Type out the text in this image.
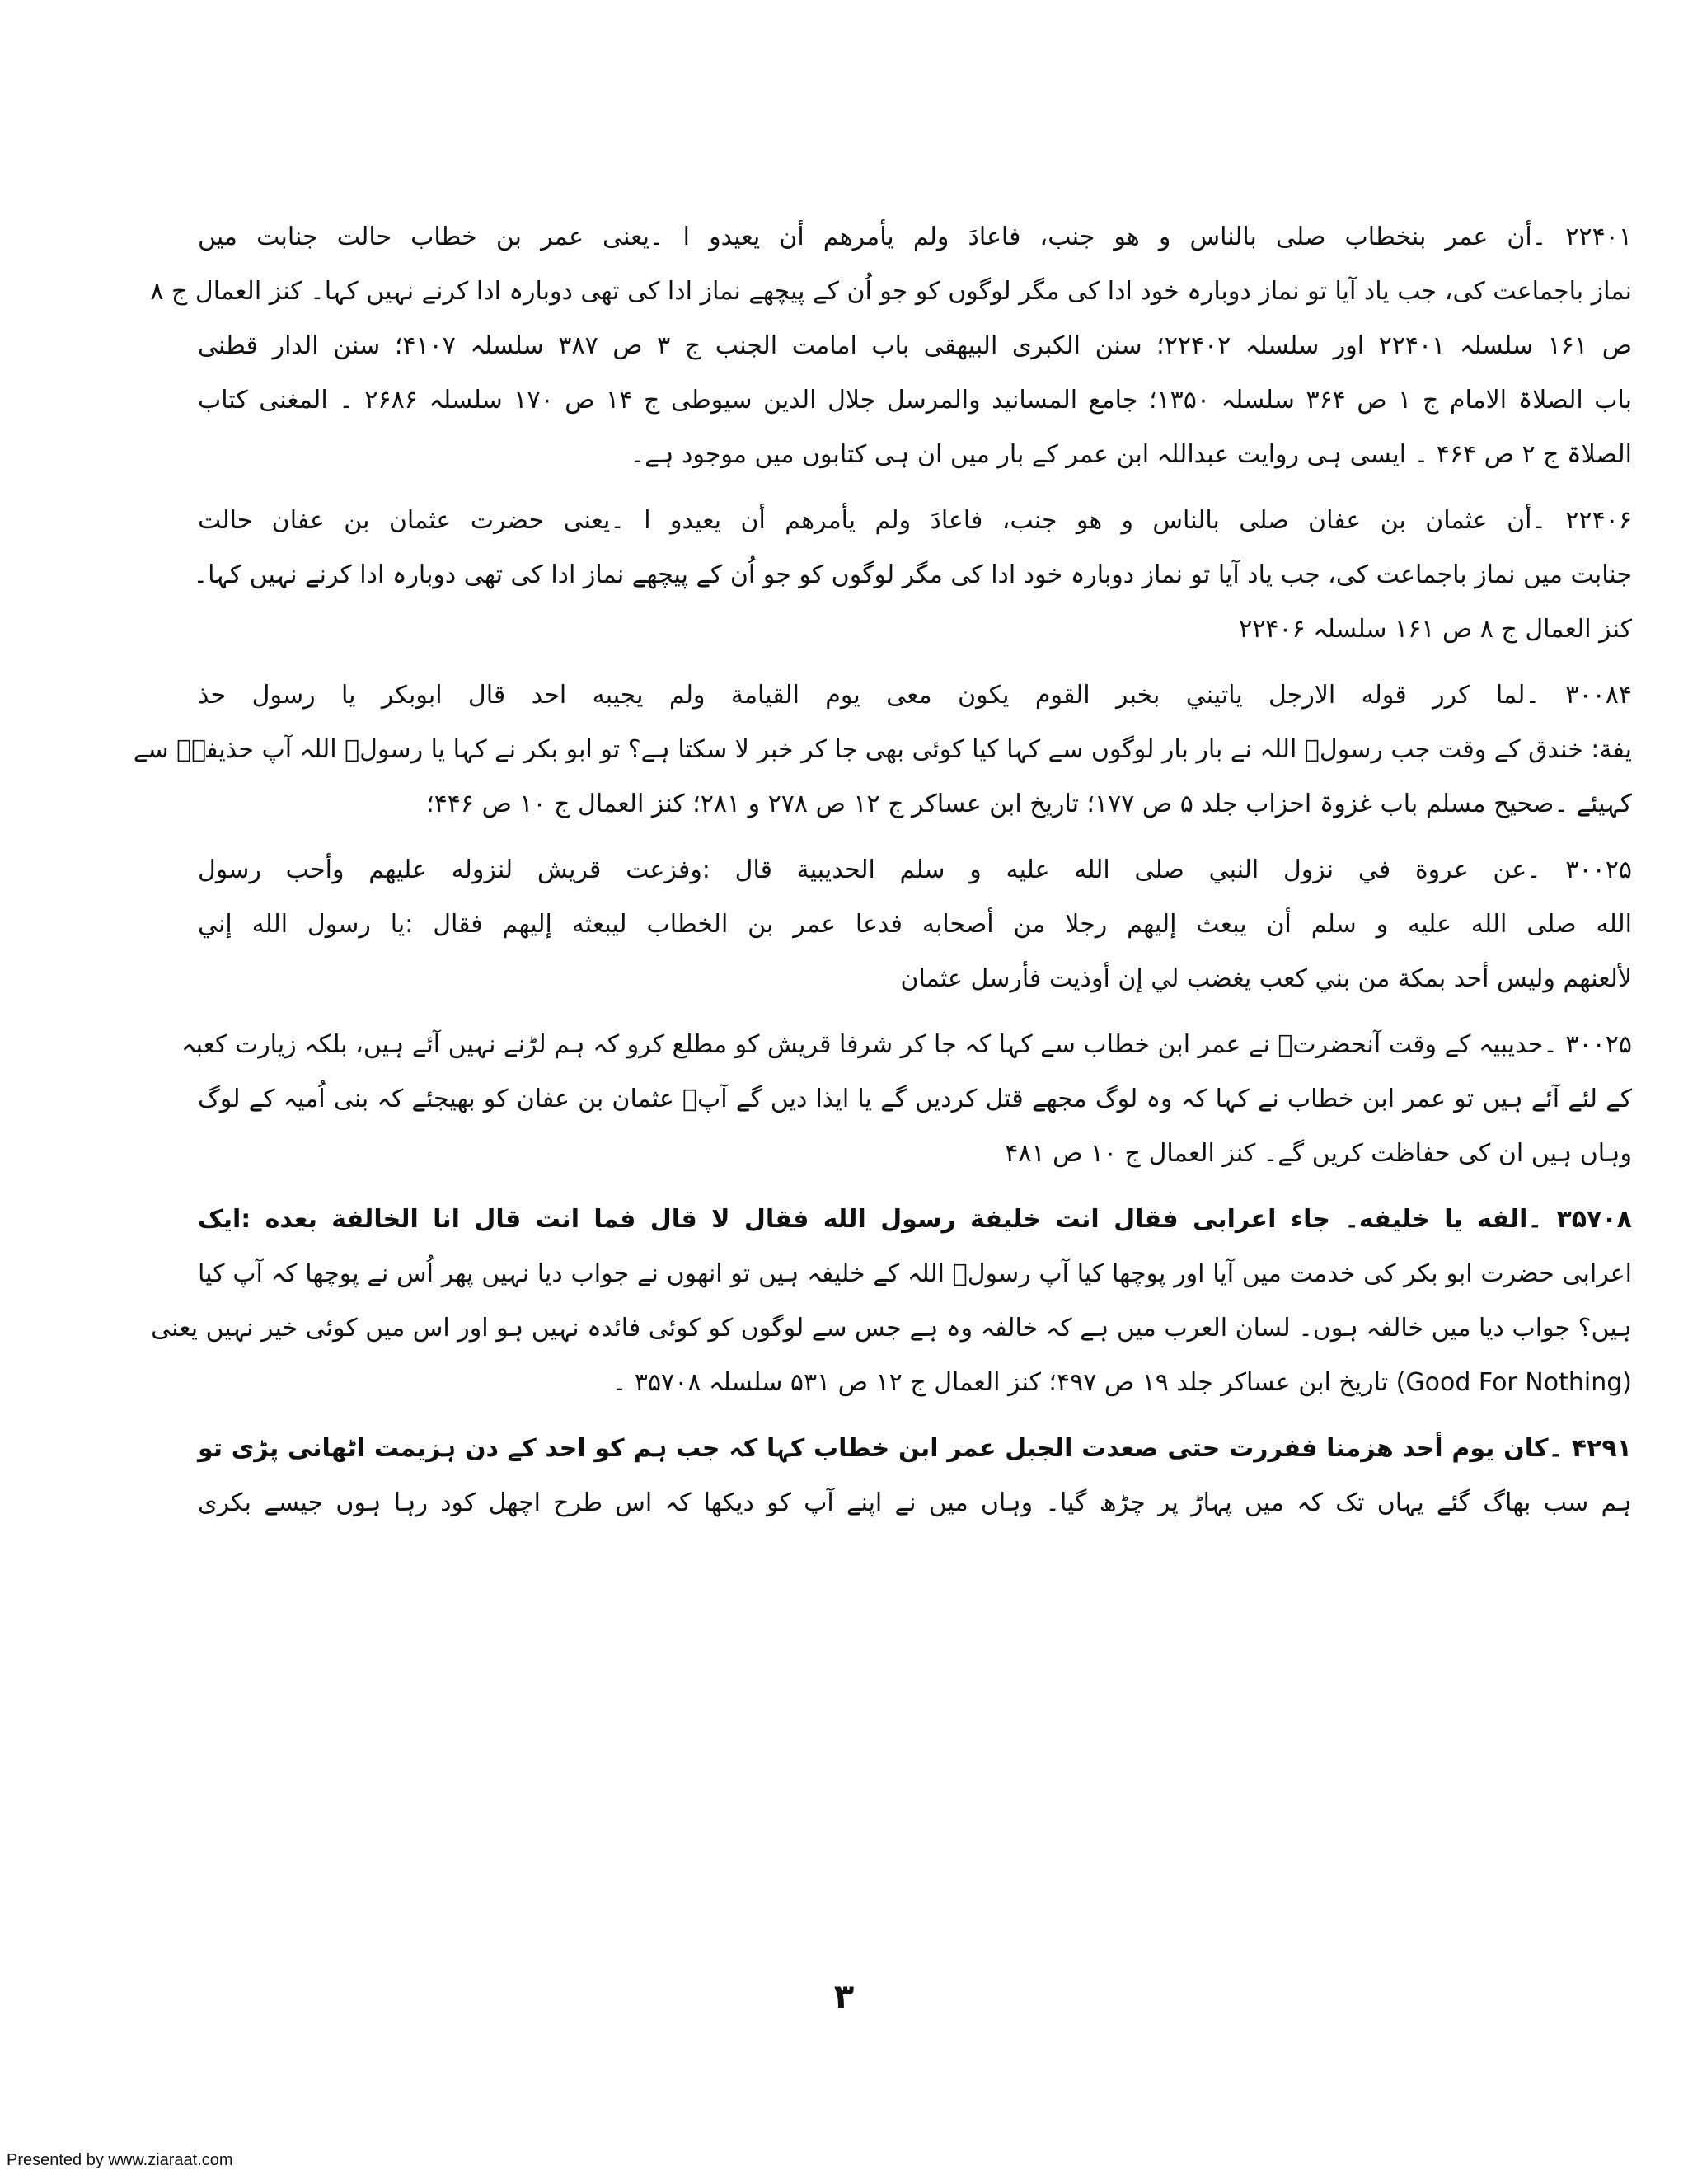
۲۲۴۰۱ ۔أن عمر بنخطاب صلى بالناس و هو جنب، فاعادَ ولم يأمرهم أن يعيدو ا ۔یعنی عمر بن خطاب حالت جنابت میں
نماز باجماعت کی، جب یاد آیا تو نماز دوبارہ خود ادا کی مگر لوگوں کو جو اُن کے پیچھے نماز ادا کی تھی دوبارہ ادا کرنے نہیں کہا۔ کنز العمال ج ۸
ص ۱۶۱ سلسلہ ۲۲۴۰۱ اور سلسلہ ۲۲۴۰۲؛ سنن الکبری البیهقی باب امامت الجنب ج ۳ ص ۳۸۷ سلسلہ ۴۱۰۷؛ سنن الدار قطنی
باب الصلاۃ الامام ج ۱ ص ۳۶۴ سلسلہ ۱۳۵۰؛ جامع المسانید والمرسل جلال الدین سیوطی ج ۱۴ ص ۱۷۰ سلسلہ ۲۶۸۶ ۔ المغنی کتاب
الصلاۃ ج ۲ ص ۴۶۴ ۔ ایسی ہی روایت عبداللہ ابن عمر کے بار میں ان ہی کتابوں میں موجود ہے۔
۲۲۴۰۶ ۔أن عثمان بن عفان صلى بالناس و هو جنب، فاعادَ ولم يأمرهم أن يعيدو ا ۔یعنی حضرت عثمان بن عفان حالت
جنابت میں نماز باجماعت کی، جب یاد آیا تو نماز دوبارہ خود ادا کی مگر لوگوں کو جو اُن کے پیچھے نماز ادا کی تھی دوبارہ ادا کرنے نہیں کہا۔
کنز العمال ج ۸ ص ۱۶۱ سلسلہ ۲۲۴۰۶
۳۰۰۸۴ ۔لما كرر قوله الارجل ياتيني بخبر القوم يكون معى يوم القيامة ولم يجيبه احد قال ابوبكر يا رسول حذ
يفة: خندق کے وقت جب رسولؐ اللہ نے بار بار لوگوں سے کہا کیا کوئی بھی جا کر خبر لا سکتا ہے؟ تو ابو بکر نے کہا یا رسولؐ اللہ آپ حذیفہؓ سے
کہیئے ۔صحیح مسلم باب غزوۃ احزاب جلد ۵ ص ۱۷۷؛ تاریخ ابن عساکر ج ۱۲ ص ۲۷۸ و ۲۸۱؛ کنز العمال ج ۱۰ ص ۴۴۶؛
۳۰۰۲۵ ۔عن عروة في نزول النبي صلى الله عليه و سلم الحديبية قال :وفزعت قريش لنزوله عليهم وأحب رسول
الله صلى الله عليه و سلم أن يبعث إليهم رجلا من أصحابه فدعا عمر بن الخطاب ليبعثه إليهم فقال :يا رسول الله إني
لألعنهم وليس أحد بمكة من بني كعب يغضب لي إن أوذيت فأرسل عثمان
۳۰۰۲۵ ۔حدیبیہ کے وقت آنحضرتؐ نے عمر ابن خطاب سے کہا کہ جا کر شرفا قریش کو مطلع کرو کہ ہم لڑنے نہیں آئے ہیں، بلکہ زیارت کعبہ
کے لئے آئے ہیں تو عمر ابن خطاب نے کہا کہ وہ لوگ مجھے قتل کردیں گے یا ایذا دیں گے آپؐ عثمان بن عفان کو بھیجئے کہ بنی اُمیہ کے لوگ
وہاں ہیں ان کی حفاظت کریں گے۔ کنز العمال ج ۱۰ ص ۴۸۱
۳۵۷۰۸ ۔الفه يا خليفه۔ جاء اعرابى فقال انت خليفة رسول الله فقال لا قال فما انت قال انا الخالفة بعده :ایک
اعرابی حضرت ابو بکر کی خدمت میں آیا اور پوچھا کیا آپ رسولؐ اللہ کے خلیفہ ہیں تو انھوں نے جواب دیا نہیں پھر اُس نے پوچھا کہ آپ کیا
ہیں؟ جواب دیا میں خالفہ ہوں۔ لسان العرب میں ہے کہ خالفہ وہ ہے جس سے لوگوں کو کوئی فائدہ نہیں ہو اور اس میں کوئی خیر نہیں یعنی
(Good For Nothing) تاریخ ابن عساکر جلد ۱۹ ص ۴۹۷؛ کنز العمال ج ۱۲ ص ۵۳۱ سلسلہ ۳۵۷۰۸ ۔
۴۲۹۱ ۔كان يوم أحد هزمنا ففررت حتى صعدت الجبل عمر ابن خطاب کہا کہ جب ہم کو احد کے دن ہزیمت اٹھانی پڑی تو
ہم سب بھاگ گئے یہاں تک کہ میں پہاڑ پر چڑھ گیا۔ وہاں میں نے اپنے آپ کو دیکھا کہ اس طرح اچھل کود رہا ہوں جیسے بکری
۳
Presented by www.ziaraat.com
